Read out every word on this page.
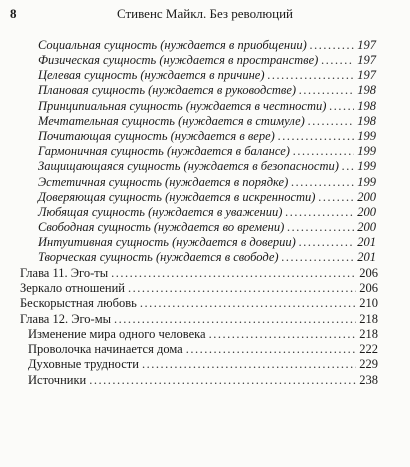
8	Стивенс Майкл. Без революций
Социальная сущность (нуждается в приобщении) .....	197
Физическая сущность (нуждается в пространстве) .....	197
Целевая сущность (нуждается в причине) .....	197
Плановая сущность (нуждается в руководстве) .....	198
Принципиальная сущность (нуждается в честности) ..... 198
Мечтательная сущность (нуждается в стимуле) .....	198
Почитающая сущность (нуждается в вере) .....	199
Гармоничная сущность (нуждается в балансе) .....	199
Защищающаяся сущность (нуждается в безопасности) ..... 199
Эстетичная сущность (нуждается в порядке) .....	199
Доверяющая сущность (нуждается в искренности) .....	200
Любящая сущность (нуждается в уважении) .....	200
Свободная сущность (нуждается во времени) .....	200
Интуитивная сущность (нуждается в доверии) .....	201
Творческая сущность (нуждается в свободе) .....	201
Глава 11. Эго-ты .....	206
Зеркало отношений .....	206
Бескорыстная любовь .....	210
Глава 12. Эго-мы .....	218
Изменение мира одного человека .....	218
Проволочка начинается дома .....	222
Духовные трудности .....	229
Источники .....	238
